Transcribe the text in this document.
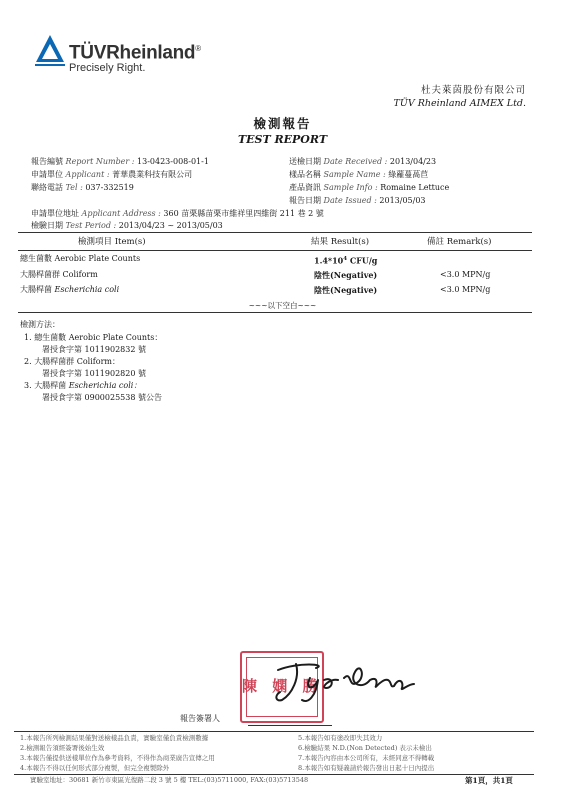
TÜVRheinland®
Precisely Right.
杜夫萊茵股份有限公司
TÜV Rheinland AIMEX Ltd.
檢測報告
TEST REPORT
報告編號 Report Number : 13-0423-008-01-1
申請單位 Applicant : 菁華農業科技有限公司
聯絡電話 Tel : 037-332519
送檢日期 Date Received : 2013/04/23
樣品名稱 Sample Name : 綠蘿蔓萵苣
產品資訊 Sample Info : Romaine Lettuce
報告日期 Date Issued : 2013/05/03
申請單位地址 Applicant Address : 360 苗栗縣苗栗市維祥里四維街 211 巷 2 號
檢驗日期 Test Period : 2013/04/23 ~ 2013/05/03
檢測項目 Item(s)	結果 Result(s)	備註 Remark(s)
總生菌數 Aerobic Plate Counts	$1.4*10^4$ CFU/g
大腸桿菌群 Coliform	陰性(Negative)	<3.0 MPN/g
大腸桿菌 Escherichia coli	陰性(Negative)	<3.0 MPN/g
~~~以下空白~~~
檢測方法：
1. 總生菌數 Aerobic Plate Counts：
署授食字第 1011902832 號
2. 大腸桿菌群 Coliform：
署授食字第 1011902820 號
3. 大腸桿菌 Escherichia coli：
署授食字第 0900025538 號公告
陳 嫻 勝
報告簽署人
1.本報告所列檢測結果僅對送檢樣品負責，實驗室僅負責檢測數據
2.檢測報告須經簽署後始生效
3.本報告僅提供送樣單位作為參考資料，不得作為商業廣告宣傳之用
4.本報告不得以任何形式部分複製，但完全複製除外
5.本報告如有塗改即失其效力
6.檢驗結果 N.D.(Non Detected) 表示未檢出
7.本報告內容由本公司所有，未經同意不得轉載
8.本報告如有疑義請於報告發出日起十日內提出
實驗室地址：30681 新竹市東區光復路二段 3 號 5 樓 TEL:(03)5711000, FAX:(03)5713548	第1頁，共1頁
